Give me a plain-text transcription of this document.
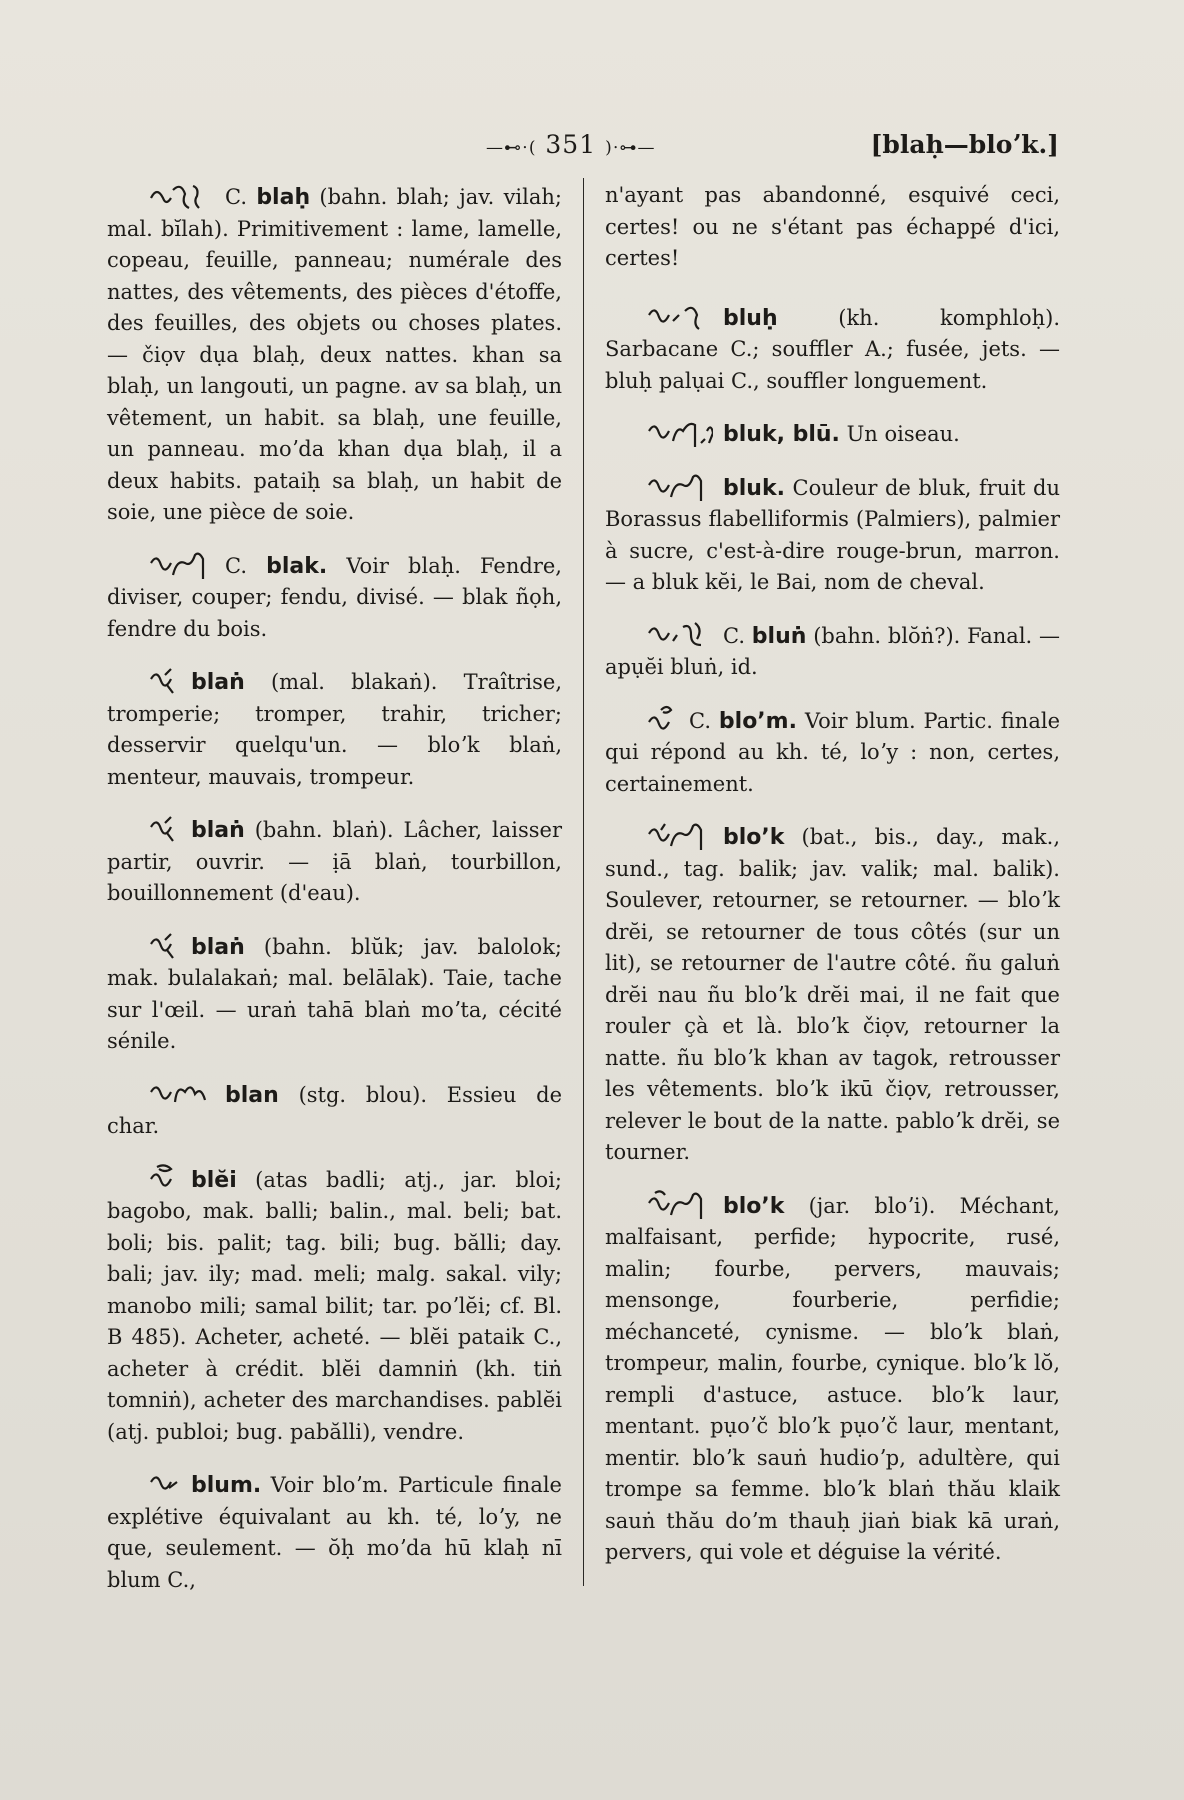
—⊷⋅( 351 )⋅⊶—	[blaḥ—bloʼk.]

C. blaḥ (bahn. blah; jav. vilah; mal. bĭlah). Primitivement : lame, lamelle, copeau, feuille, panneau; numérale des nattes, des vêtements, des pièces d'étoffe, des feuilles, des objets ou choses plates. — čiọv dụa blaḥ, deux nattes. khan sa blaḥ, un langouti, un pagne. av sa blaḥ, un vêtement, un habit. sa blaḥ, une feuille, un panneau. moʼda khan dụa blaḥ, il a deux habits. pataiḥ sa blaḥ, un habit de soie, une pièce de soie.

C. blak. Voir blaḥ. Fendre, diviser, couper; fendu, divisé. — blak ñọh, fendre du bois.

blaṅ (mal. blakaṅ). Traîtrise, tromperie; tromper, trahir, tricher; desservir quelqu'un. — bloʼk blaṅ, menteur, mauvais, trompeur.

blaṅ (bahn. blaṅ). Lâcher, laisser partir, ouvrir. — ịā blaṅ, tourbillon, bouillonnement (d'eau).

blaṅ (bahn. blŭk; jav. balolok; mak. bulalakaṅ; mal. belālak). Taie, tache sur l'œil. — uraṅ tahā blaṅ moʼta, cécité sénile.

blan (stg. blou). Essieu de char.

blĕi (atas badli; atj., jar. bloi; bagobo, mak. balli; balin., mal. beli; bat. boli; bis. palit; tag. bili; bug. bălli; day. bali; jav. ily; mad. meli; malg. sakal. vily; manobo mili; samal bilit; tar. poʼlĕi; cf. Bl. B 485). Acheter, acheté. — blĕi pataik C., acheter à crédit. blĕi damniṅ (kh. tiṅ tomniṅ), acheter des marchandises. pablĕi (atj. publoi; bug. pabălli), vendre.

blum. Voir bloʼm. Particule finale explétive équivalant au kh. té, loʼy, ne que, seulement. — ŏḥ moʼda hū klaḥ nī blum C.,

n'ayant pas abandonné, esquivé ceci, certes! ou ne s'étant pas échappé d'ici, certes!

bluḥ	(kh. komphloḥ). Sarbacane C.; souffler A.; fusée, jets. — bluḥ palụai C., souffler longuement.

bluk, blū. Un oiseau.

bluk. Couleur de bluk, fruit du Borassus flabelliformis (Palmiers), palmier à sucre, c'est-à-dire rouge-brun, marron. — a bluk kĕi, le Bai, nom de cheval.

C. bluṅ (bahn. blŏṅ?). Fanal. — apụĕi bluṅ, id.

C. bloʼm. Voir blum. Partic. finale qui répond au kh. té, loʼy : non, certes, certainement.

bloʼk (bat., bis., day., mak., sund., tag. balik; jav. valik; mal. balik). Soulever, retourner, se retourner. — bloʼk drĕi, se retourner de tous côtés (sur un lit), se retourner de l'autre côté. ñu galuṅ drĕi nau ñu bloʼk drĕi mai, il ne fait que rouler çà et là. bloʼk čiọv, retourner la natte. ñu bloʼk khan av tagok, retrousser les vêtements. bloʼk ikū čiọv, retrousser, relever le bout de la natte. pabloʼk drĕi, se tourner.

bloʼk (jar. bloʼi). Méchant, malfaisant, perfide; hypocrite, rusé, malin; fourbe, pervers, mauvais; mensonge, fourberie, perfidie; méchanceté, cynisme. — bloʼk blaṅ, trompeur, malin, fourbe, cynique. bloʼk lŏ, rempli d'astuce, astuce. bloʼk laur, mentant. pụoʼč bloʼk pụoʼč laur, mentant, mentir. bloʼk sauṅ hudioʼp, adultère, qui trompe sa femme. bloʼk blaṅ thău klaik sauṅ thău doʼm thauḥ jiaṅ biak kā uraṅ, pervers, qui vole et déguise la vérité.
